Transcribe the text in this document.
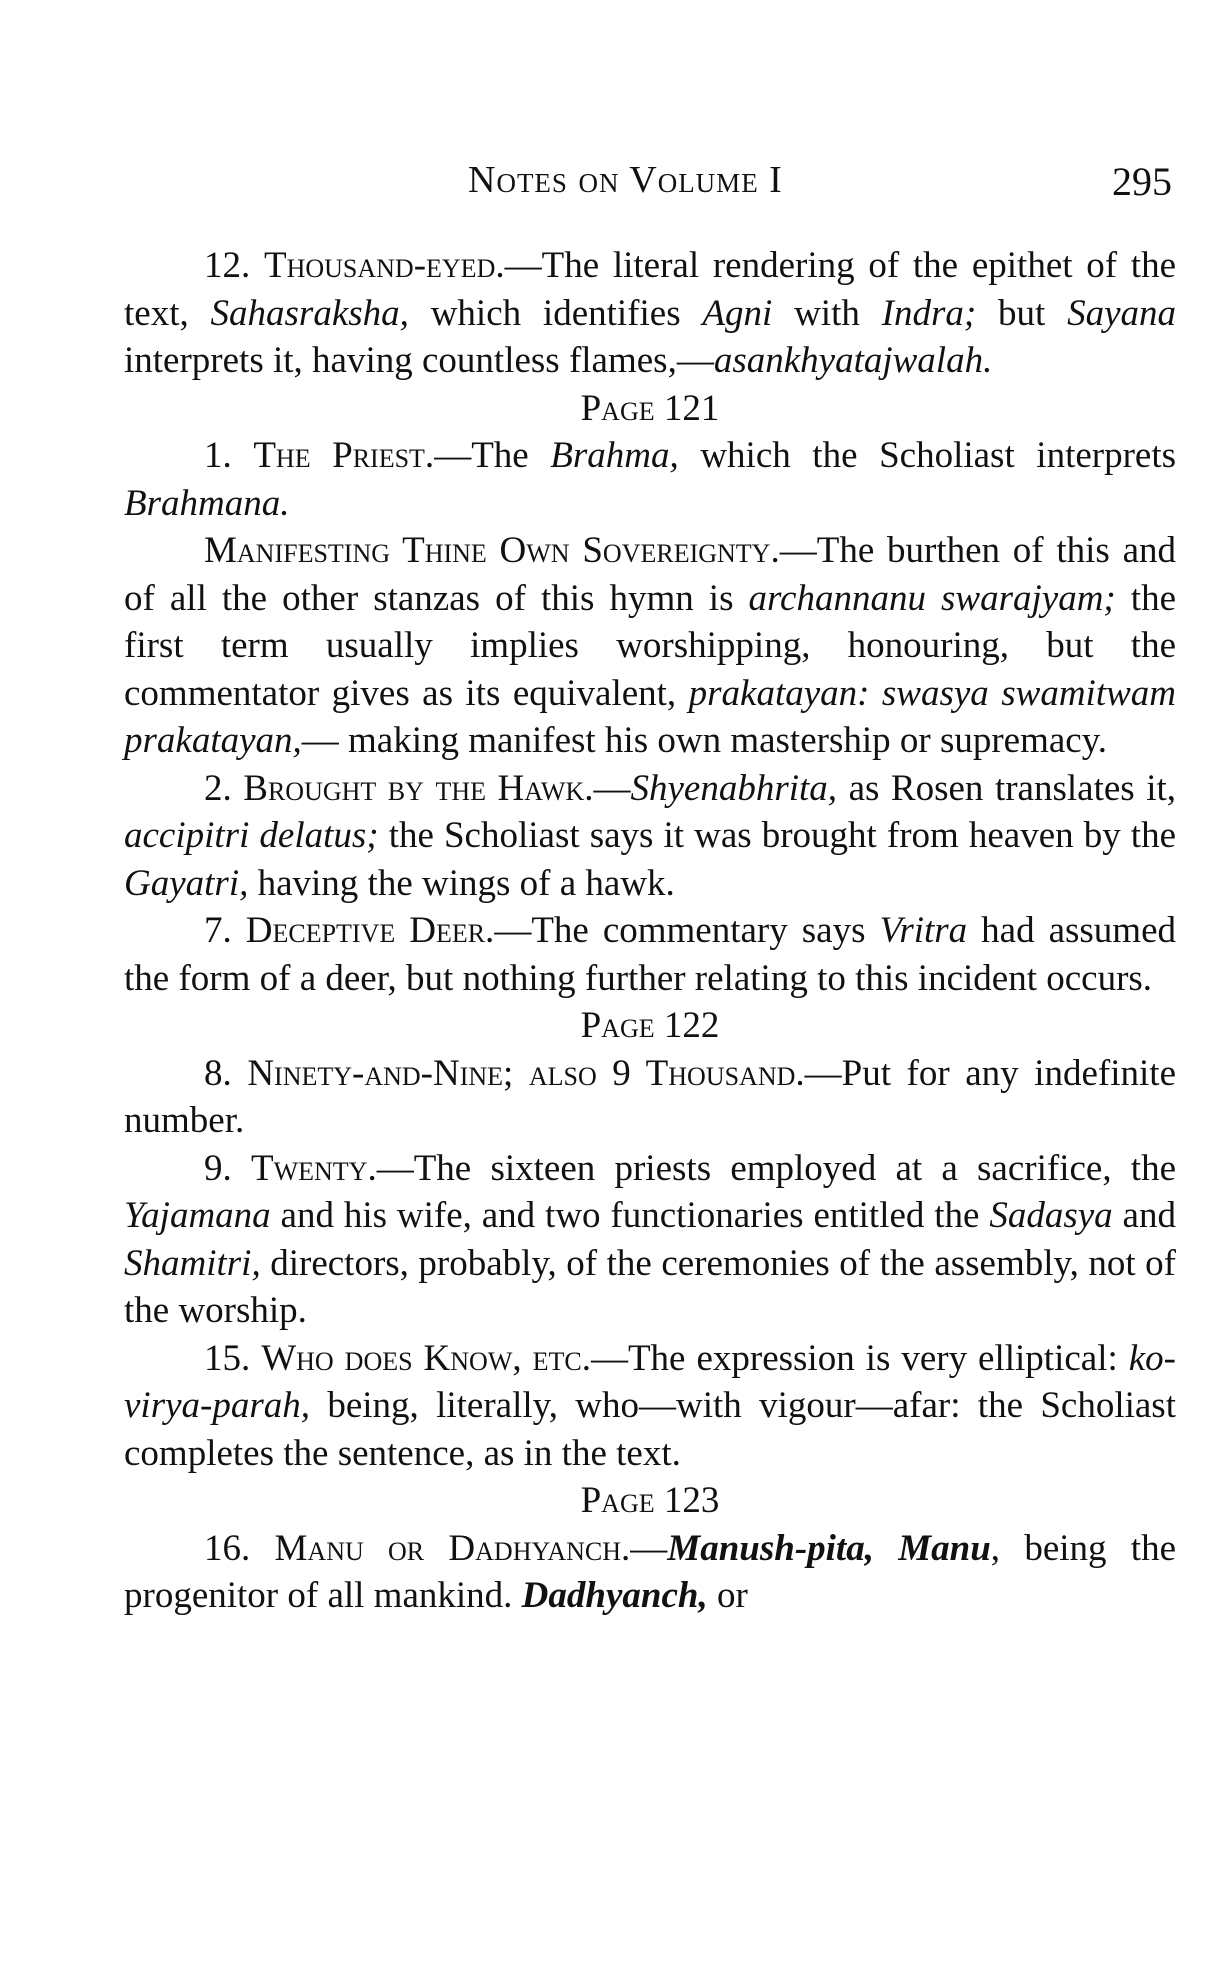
Notes on Volume I	295

12. Thousand-eyed.—The literal rendering of the epithet of the text, Sahasraksha, which identifies Agni with Indra; but Sayana interprets it, having countless flames,—asankhyatajwalah.

Page 121

1. The Priest.—The Brahma, which the Scholiast interprets Brahmana.

Manifesting Thine Own Sovereignty.—The burthen of this and of all the other stanzas of this hymn is archannanu swarajyam; the first term usually implies worshipping, honouring, but the commentator gives as its equivalent, prakatayan: swasya swamitwam prakatayan,— making manifest his own mastership or supremacy.

2. Brought by the Hawk.—Shyenabhrita, as Rosen translates it, accipitri delatus; the Scholiast says it was brought from heaven by the Gayatri, having the wings of a hawk.

7. Deceptive Deer.—The commentary says Vritra had assumed the form of a deer, but nothing further relating to this incident occurs.

Page 122

8. Ninety-and-Nine; also 9 Thousand.—Put for any indefinite number.

9. Twenty.—The sixteen priests employed at a sacrifice, the Yajamana and his wife, and two functionaries entitled the Sadasya and Shamitri, directors, probably, of the ceremonies of the assembly, not of the worship.

15. Who does Know, etc.—The expression is very elliptical: ko-virya-parah, being, literally, who—with vigour—afar: the Scholiast completes the sentence, as in the text.

Page 123

16. Manu or Dadhyanch.—Manush-pita, Manu, being the progenitor of all mankind. Dadhyanch, or
